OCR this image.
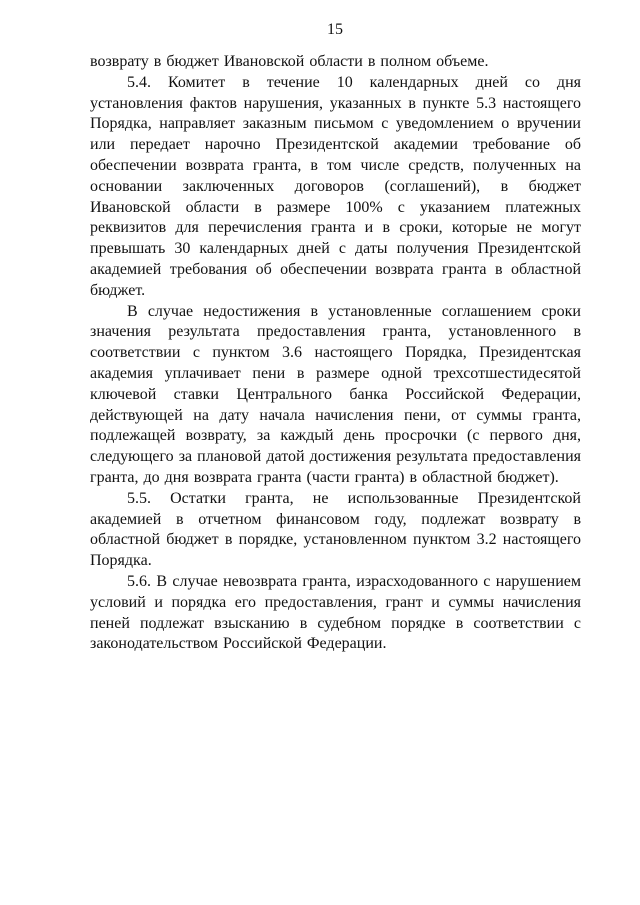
15

возврату в бюджет Ивановской области в полном объеме.

5.4. Комитет в течение 10 календарных дней со дня установления фактов нарушения, указанных в пункте 5.3 настоящего Порядка, направляет заказным письмом с уведомлением о вручении или передает нарочно Президентской академии требование об обеспечении возврата гранта, в том числе средств, полученных на основании заключенных договоров (соглашений), в бюджет Ивановской области в размере 100% с указанием платежных реквизитов для перечисления гранта и в сроки, которые не могут превышать 30 календарных дней с даты получения Президентской академией требования об обеспечении возврата гранта в областной бюджет.

В случае недостижения в установленные соглашением сроки значения результата предоставления гранта, установленного в соответствии с пунктом 3.6 настоящего Порядка, Президентская академия уплачивает пени в размере одной трехсотшестидесятой ключевой ставки Центрального банка Российской Федерации, действующей на дату начала начисления пени, от суммы гранта, подлежащей возврату, за каждый день просрочки (с первого дня, следующего за плановой датой достижения результата предоставления гранта, до дня возврата гранта (части гранта) в областной бюджет).

5.5. Остатки гранта, не использованные Президентской академией в отчетном финансовом году, подлежат возврату в областной бюджет в порядке, установленном пунктом 3.2 настоящего Порядка.

5.6. В случае невозврата гранта, израсходованного с нарушением условий и порядка его предоставления, грант и суммы начисления пеней подлежат взысканию в судебном порядке в соответствии с законодательством Российской Федерации.
